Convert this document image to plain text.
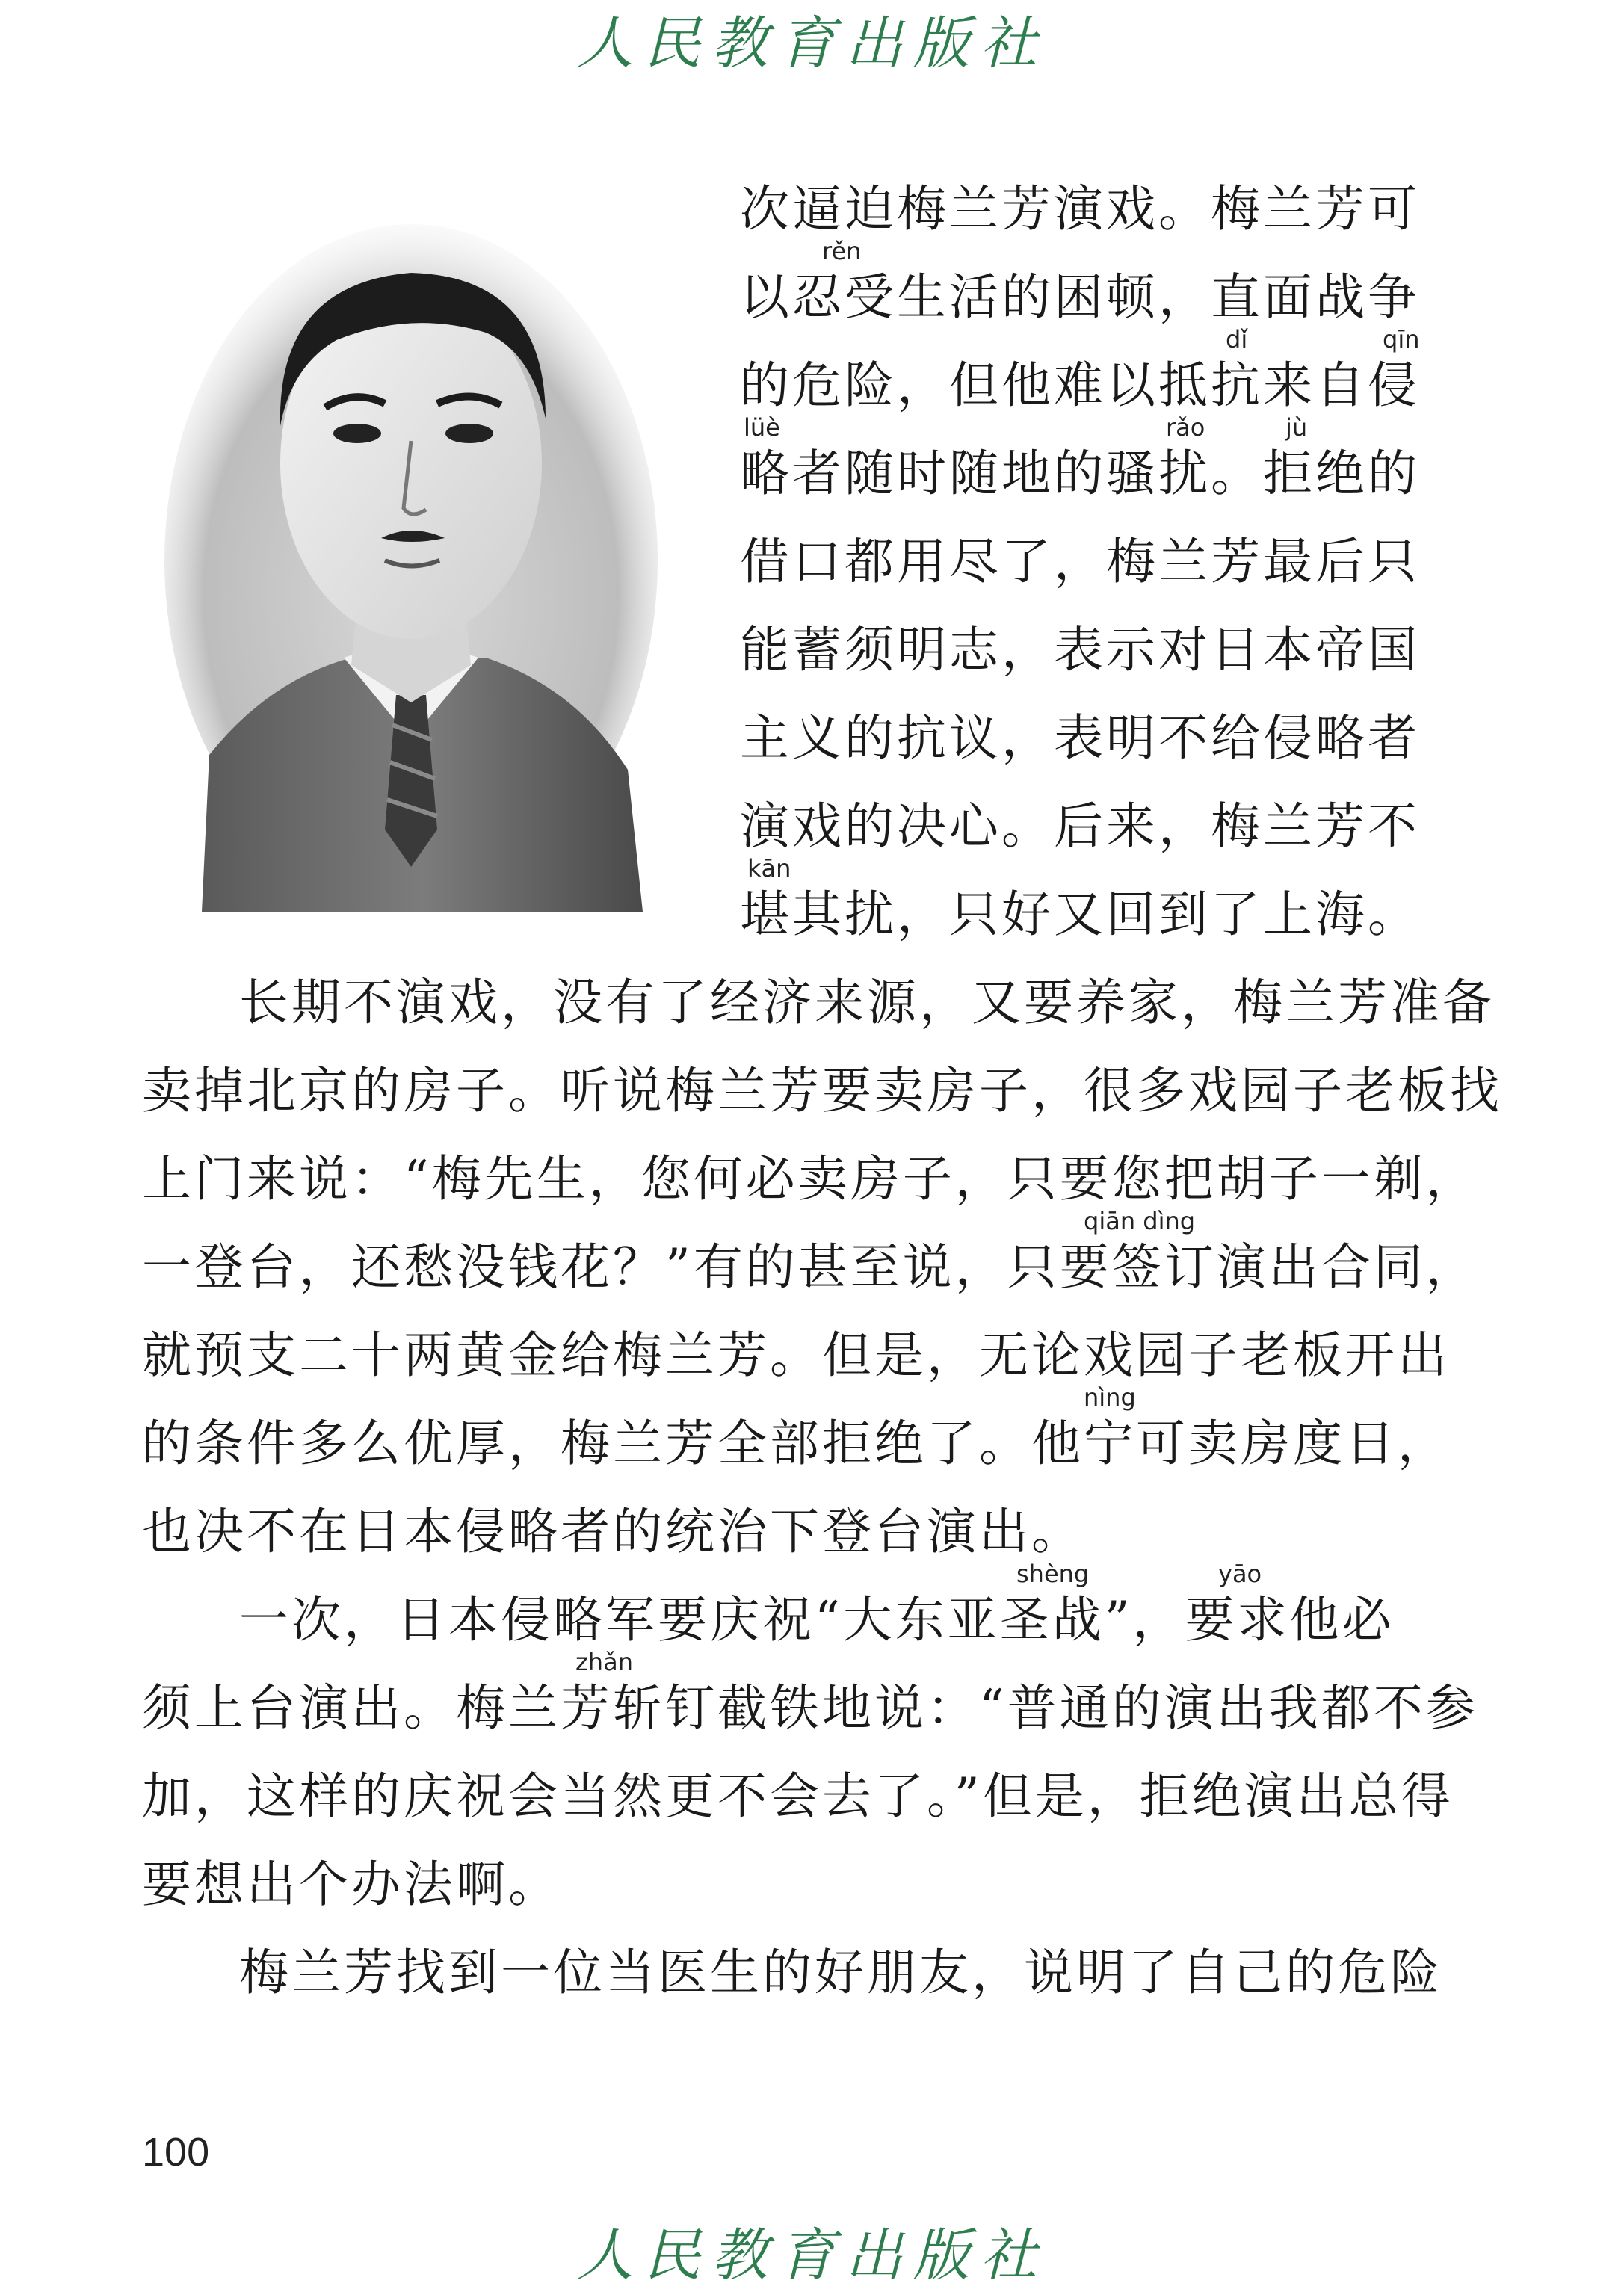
人民教育出版社
次逼迫梅兰芳演戏。梅兰芳可
以忍受生活的困顿，直面战争
的危险，但他难以抵抗来自侵
略者随时随地的骚扰。拒绝的
借口都用尽了，梅兰芳最后只
能蓄须明志，表示对日本帝国
主义的抗议，表明不给侵略者
演戏的决心。后来，梅兰芳不
堪其扰，只好又回到了上海。
长期不演戏，没有了经济来源，又要养家，梅兰芳准备
卖掉北京的房子。听说梅兰芳要卖房子，很多戏园子老板找
上门来说：“梅先生，您何必卖房子，只要您把胡子一剃，
一登台，还愁没钱花？”有的甚至说，只要签订演出合同，
就预支二十两黄金给梅兰芳。但是，无论戏园子老板开出
的条件多么优厚，梅兰芳全部拒绝了。他宁可卖房度日，
也决不在日本侵略者的统治下登台演出。
一次，日本侵略军要庆祝“大东亚圣战”，要求他必
须上台演出。梅兰芳斩钉截铁地说：“普通的演出我都不参
加，这样的庆祝会当然更不会去了。”但是，拒绝演出总得
要想出个办法啊。
梅兰芳找到一位当医生的好朋友，说明了自己的危险
rěn
dǐ	qīn
lüè	rǎo	jù
kān
qiān dìng
nìng
shèng	yāo
zhǎn
100
人民教育出版社
